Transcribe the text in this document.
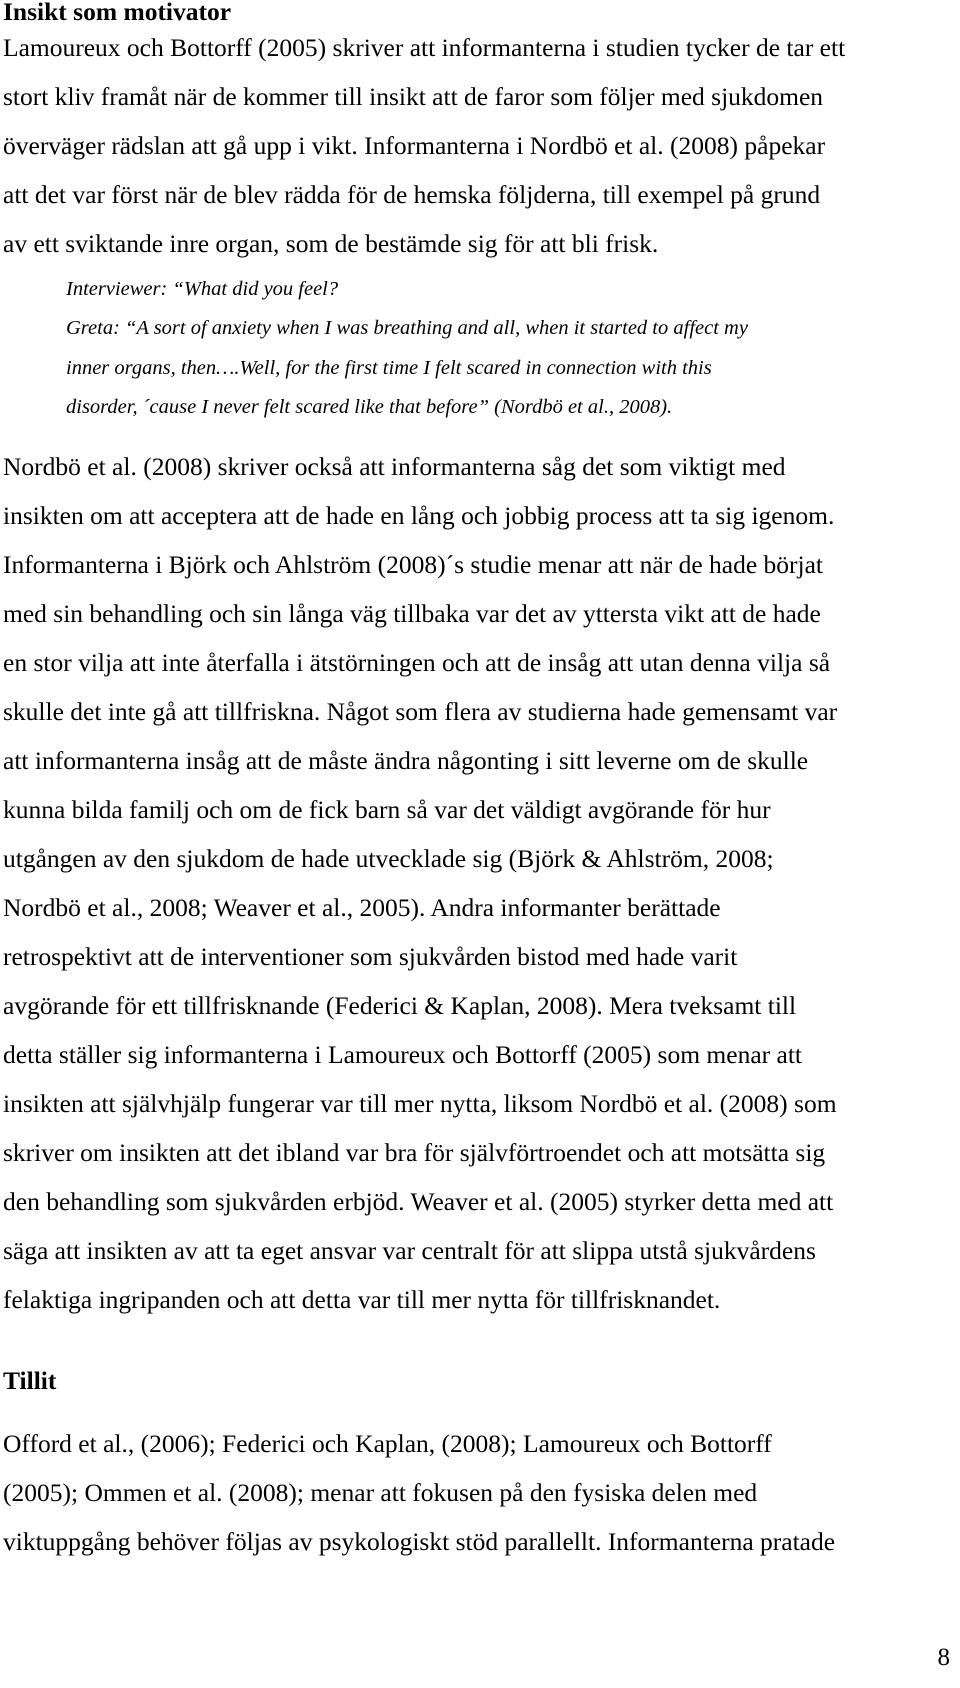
Insikt som motivator

Lamoureux och Bottorff (2005) skriver att informanterna i studien tycker de tar ett

stort kliv framåt när de kommer till insikt att de faror som följer med sjukdomen

överväger rädslan att gå upp i vikt. Informanterna i Nordbö et al. (2008) påpekar

att det var först när de blev rädda för de hemska följderna, till exempel på grund

av ett sviktande inre organ, som de bestämde sig för att bli frisk.

Interviewer: “What did you feel?

Greta: “A sort of anxiety when I was breathing and all, when it started to affect my

inner organs, then….Well, for the first time I felt scared in connection with this

disorder, ´cause I never felt scared like that before” (Nordbö et al., 2008).

Nordbö et al. (2008) skriver också att informanterna såg det som viktigt med

insikten om att acceptera att de hade en lång och jobbig process att ta sig igenom.

Informanterna i Björk och Ahlström (2008)´s studie menar att när de hade börjat

med sin behandling och sin långa väg tillbaka var det av yttersta vikt att de hade

en stor vilja att inte återfalla i ätstörningen och att de insåg att utan denna vilja så

skulle det inte gå att tillfriskna. Något som flera av studierna hade gemensamt var

att informanterna insåg att de måste ändra någonting i sitt leverne om de skulle

kunna bilda familj och om de fick barn så var det väldigt avgörande för hur

utgången av den sjukdom de hade utvecklade sig (Björk & Ahlström, 2008;

Nordbö et al., 2008; Weaver et al., 2005). Andra informanter berättade

retrospektivt att de interventioner som sjukvården bistod med hade varit

avgörande för ett tillfrisknande (Federici & Kaplan, 2008). Mera tveksamt till

detta ställer sig informanterna i Lamoureux och Bottorff (2005) som menar att

insikten att självhjälp fungerar var till mer nytta, liksom Nordbö et al. (2008) som

skriver om insikten att det ibland var bra för självförtroendet och att motsätta sig

den behandling som sjukvården erbjöd. Weaver et al. (2005) styrker detta med att

säga att insikten av att ta eget ansvar var centralt för att slippa utstå sjukvårdens

felaktiga ingripanden och att detta var till mer nytta för tillfrisknandet.

Tillit

Offord et al., (2006); Federici och Kaplan, (2008); Lamoureux och Bottorff

(2005); Ommen et al. (2008); menar att fokusen på den fysiska delen med

viktuppgång behöver följas av psykologiskt stöd parallellt. Informanterna pratade

8
